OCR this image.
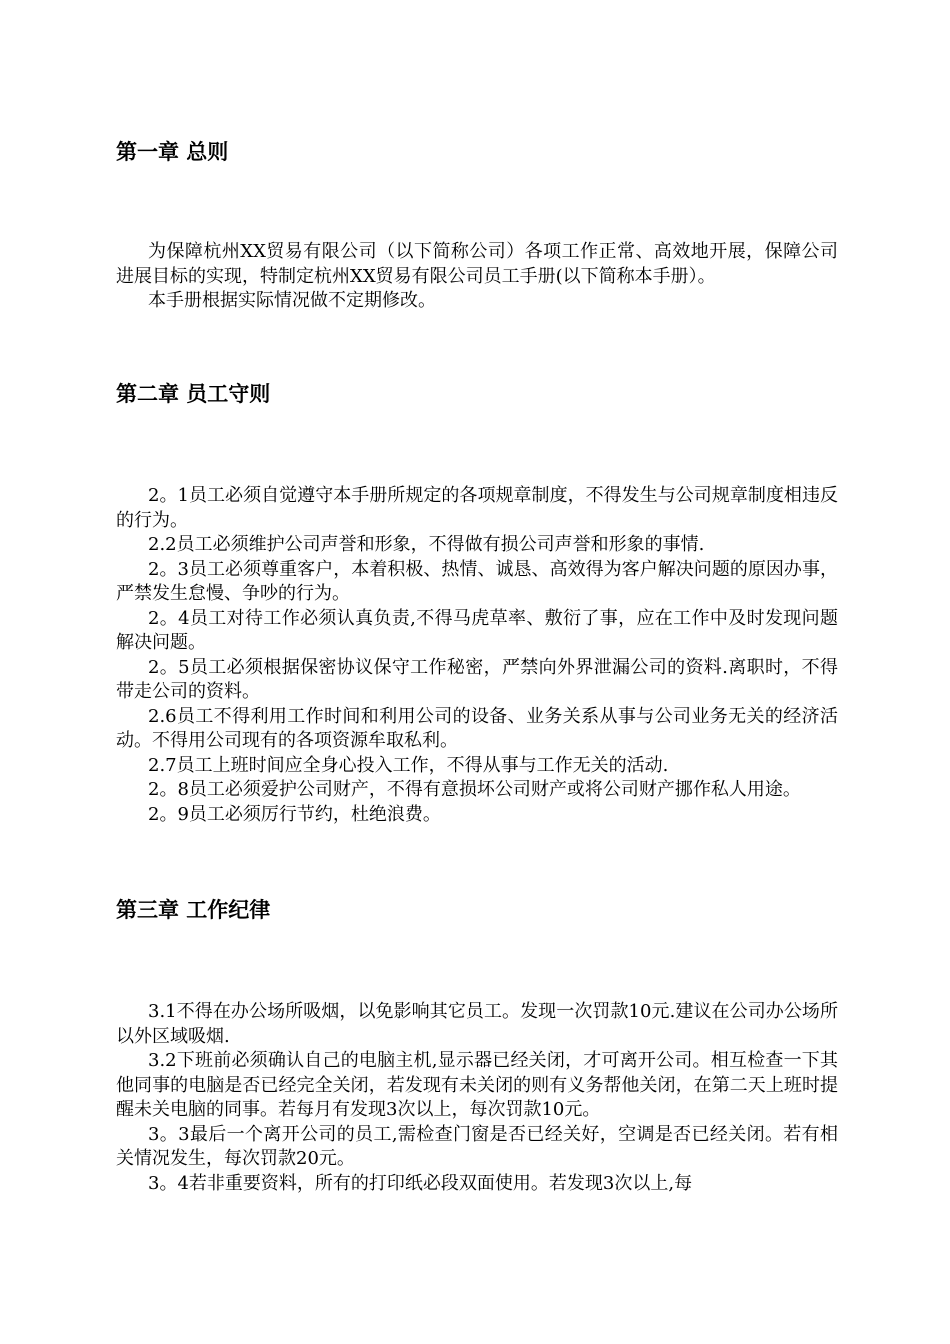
第一章 总则

为保障杭州XX贸易有限公司（以下简称公司）各项工作正常、高效地开展，保障公司进展目标的实现，特制定杭州XX贸易有限公司员工手册(以下简称本手册）。

本手册根据实际情况做不定期修改。

第二章 员工守则

2。1员工必须自觉遵守本手册所规定的各项规章制度，不得发生与公司规章制度相违反的行为。

2.2员工必须维护公司声誉和形象，不得做有损公司声誉和形象的事情.

2。3员工必须尊重客户，本着积极、热情、诚恳、高效得为客户解决问题的原因办事，严禁发生怠慢、争吵的行为。

2。4员工对待工作必须认真负责,不得马虎草率、敷衍了事，应在工作中及时发现问题解决问题。

2。5员工必须根据保密协议保守工作秘密，严禁向外界泄漏公司的资料.离职时，不得带走公司的资料。

2.6员工不得利用工作时间和利用公司的设备、业务关系从事与公司业务无关的经济活动。不得用公司现有的各项资源牟取私利。

2.7员工上班时间应全身心投入工作，不得从事与工作无关的活动.

2。8员工必须爱护公司财产，不得有意损坏公司财产或将公司财产挪作私人用途。

2。9员工必须厉行节约，杜绝浪费。

第三章 工作纪律

3.1不得在办公场所吸烟，以免影响其它员工。发现一次罚款10元.建议在公司办公场所以外区域吸烟.

3.2下班前必须确认自己的电脑主机,显示器已经关闭，才可离开公司。相互检查一下其他同事的电脑是否已经完全关闭，若发现有未关闭的则有义务帮他关闭，在第二天上班时提醒未关电脑的同事。若每月有发现3次以上，每次罚款10元。

3。3最后一个离开公司的员工,需检查门窗是否已经关好，空调是否已经关闭。若有相关情况发生，每次罚款20元。

3。4若非重要资料，所有的打印纸必段双面使用。若发现3次以上,每
